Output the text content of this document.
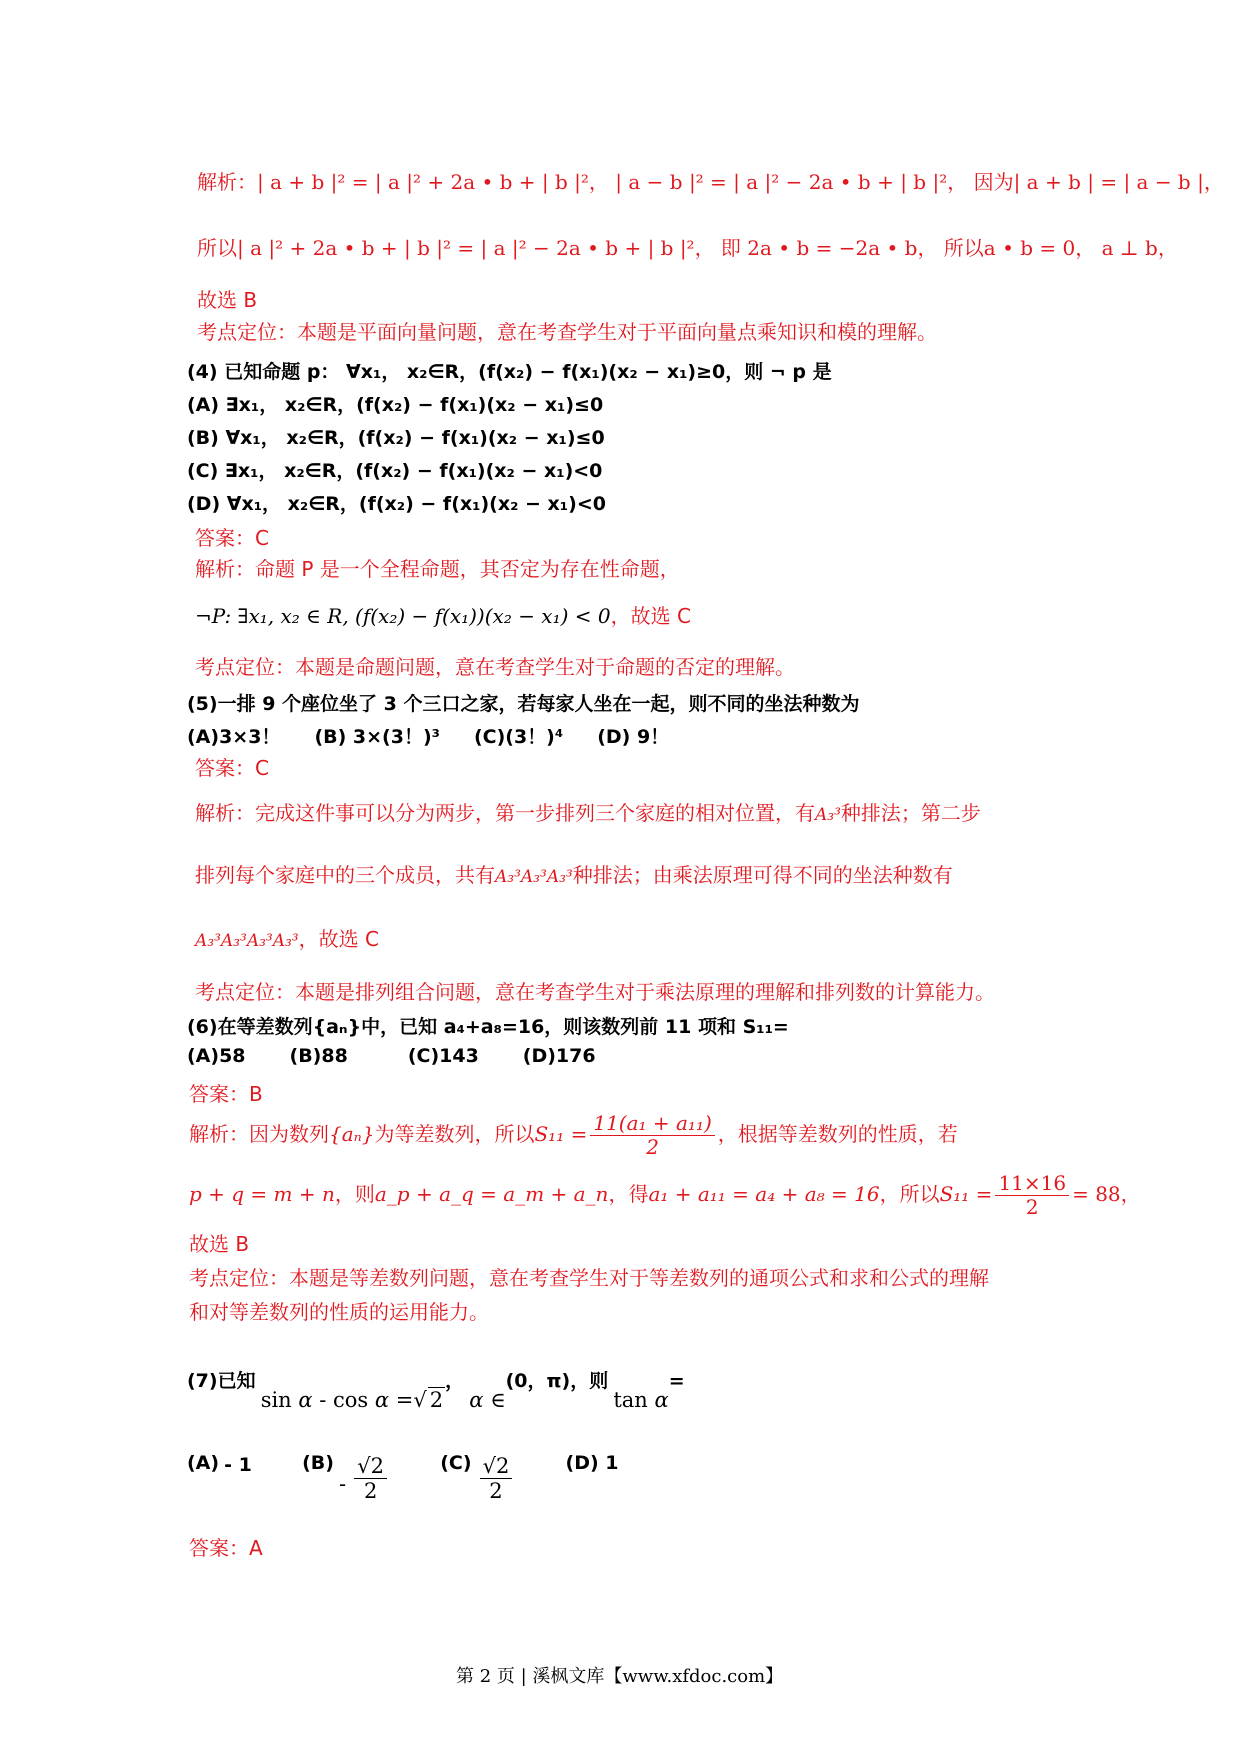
解析：| a + b |² = | a |² + 2a • b + | b |²， | a − b |² = | a |² − 2a • b + | b |²， 因为| a + b | = | a − b |，
所以| a |² + 2a • b + | b |² = | a |² − 2a • b + | b |²， 即 2a • b = −2a • b， 所以a • b = 0， a ⊥ b，
故选 B
考点定位：本题是平面向量问题，意在考查学生对于平面向量点乘知识和模的理解。
(4) 已知命题 p： ∀x₁， x₂∈R，(f(x₂) − f(x₁)(x₂ − x₁)≥0，则 ¬ p 是
(A) ∃x₁， x₂∈R，(f(x₂) − f(x₁)(x₂ − x₁)≤0
(B) ∀x₁， x₂∈R，(f(x₂) − f(x₁)(x₂ − x₁)≤0
(C) ∃x₁， x₂∈R，(f(x₂) − f(x₁)(x₂ − x₁)<0
(D) ∀x₁， x₂∈R，(f(x₂) − f(x₁)(x₂ − x₁)<0
答案：C
解析：命题 P 是一个全程命题，其否定为存在性命题，
¬P: ∃x₁, x₂ ∈ R, (f(x₂) − f(x₁))(x₂ − x₁) < 0，故选 C
考点定位：本题是命题问题，意在考查学生对于命题的否定的理解。
(5)一排 9 个座位坐了 3 个三口之家，若每家人坐在一起，则不同的坐法种数为
(A)3×3！ (B) 3×(3！)³ (C)(3！)⁴ (D) 9！
答案：C
解析：完成这件事可以分为两步，第一步排列三个家庭的相对位置，有A₃³种排法；第二步
排列每个家庭中的三个成员，共有A₃³A₃³A₃³种排法；由乘法原理可得不同的坐法种数有
A₃³A₃³A₃³A₃³，故选 C
考点定位：本题是排列组合问题，意在考查学生对于乘法原理的理解和排列数的计算能力。
(6)在等差数列{aₙ}中，已知 a₄+a₈=16，则该数列前 11 项和 S₁₁=
(A)58 (B)88	(C)143 (D)176
答案：B
解析：因为数列{aₙ}为等差数列，所以$S_{11} = \frac{\text{11(a₁ + a₁₁)}}{2}$ ，根据等差数列的性质，若
p + q = m + n，则a_p + a_q = a_m + a_n，得a₁ + a₁₁ = a₄ + a₈ = 16，所以$S_{11} = \frac{11\times 16}{2} = 88$，
故选 B
考点定位：本题是等差数列问题，意在考查学生对于等差数列的通项公式和求和公式的理解
和对等差数列的性质的运用能力。
(7)已知 sin α - cos α =√ 2， α ∈(0，π)，则 tan α=
(A) - 1	$(B) - \frac{√2}{2}$	$(C) \frac{√2}{2}$	(D) 1
答案：A
第 2 页 | 溪枫文库【www.xfdoc.com】
